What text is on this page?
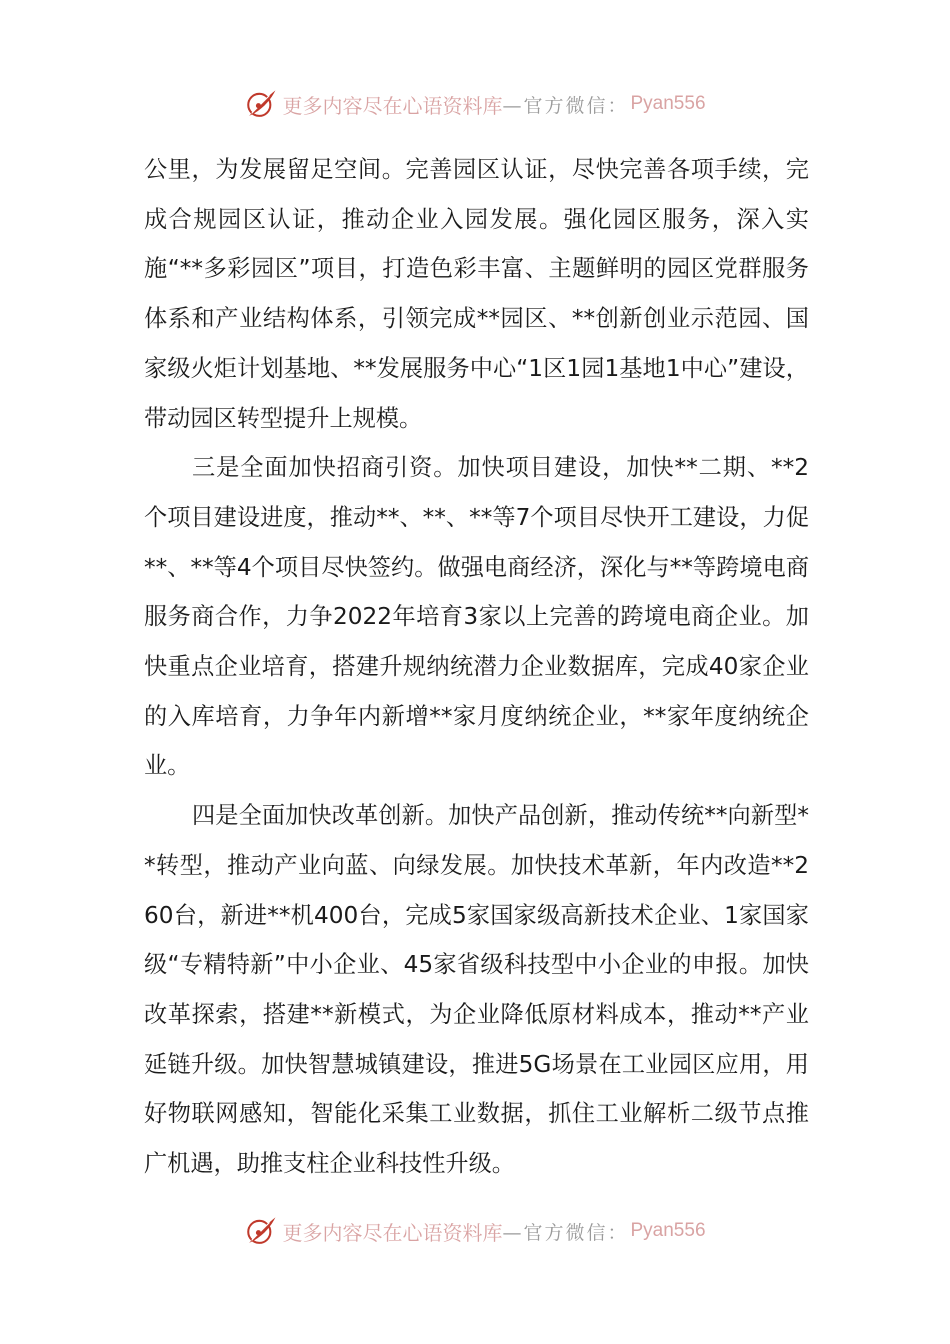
更多内容尽在心语资料库 —官方微信： Pyan556

公里，为发展留足空间。完善园区认证，尽快完善各项手续，完成合规园区认证，推动企业入园发展。强化园区服务，深入实施“**多彩园区”项目，打造色彩丰富、主题鲜明的园区党群服务体系和产业结构体系，引领完成**园区、**创新创业示范园、国家级火炬计划基地、**发展服务中心“1区1园1基地1中心”建设，带动园区转型提升上规模。

三是全面加快招商引资。加快项目建设，加快**二期、**2个项目建设进度，推动**、**、**等7个项目尽快开工建设，力促**、**等4个项目尽快签约。做强电商经济，深化与**等跨境电商服务商合作，力争2022年培育3家以上完善的跨境电商企业。加快重点企业培育，搭建升规纳统潜力企业数据库，完成40家企业的入库培育，力争年内新增**家月度纳统企业，**家年度纳统企业。

四是全面加快改革创新。加快产品创新，推动传统**向新型**转型，推动产业向蓝、向绿发展。加快技术革新，年内改造**260台，新进**机400台，完成5家国家级高新技术企业、1家国家级“专精特新”中小企业、45家省级科技型中小企业的申报。加快改革探索，搭建**新模式，为企业降低原材料成本，推动**产业延链升级。加快智慧城镇建设，推进5G场景在工业园区应用，用好物联网感知，智能化采集工业数据，抓住工业解析二级节点推广机遇，助推支柱企业科技性升级。

更多内容尽在心语资料库 —官方微信： Pyan556
